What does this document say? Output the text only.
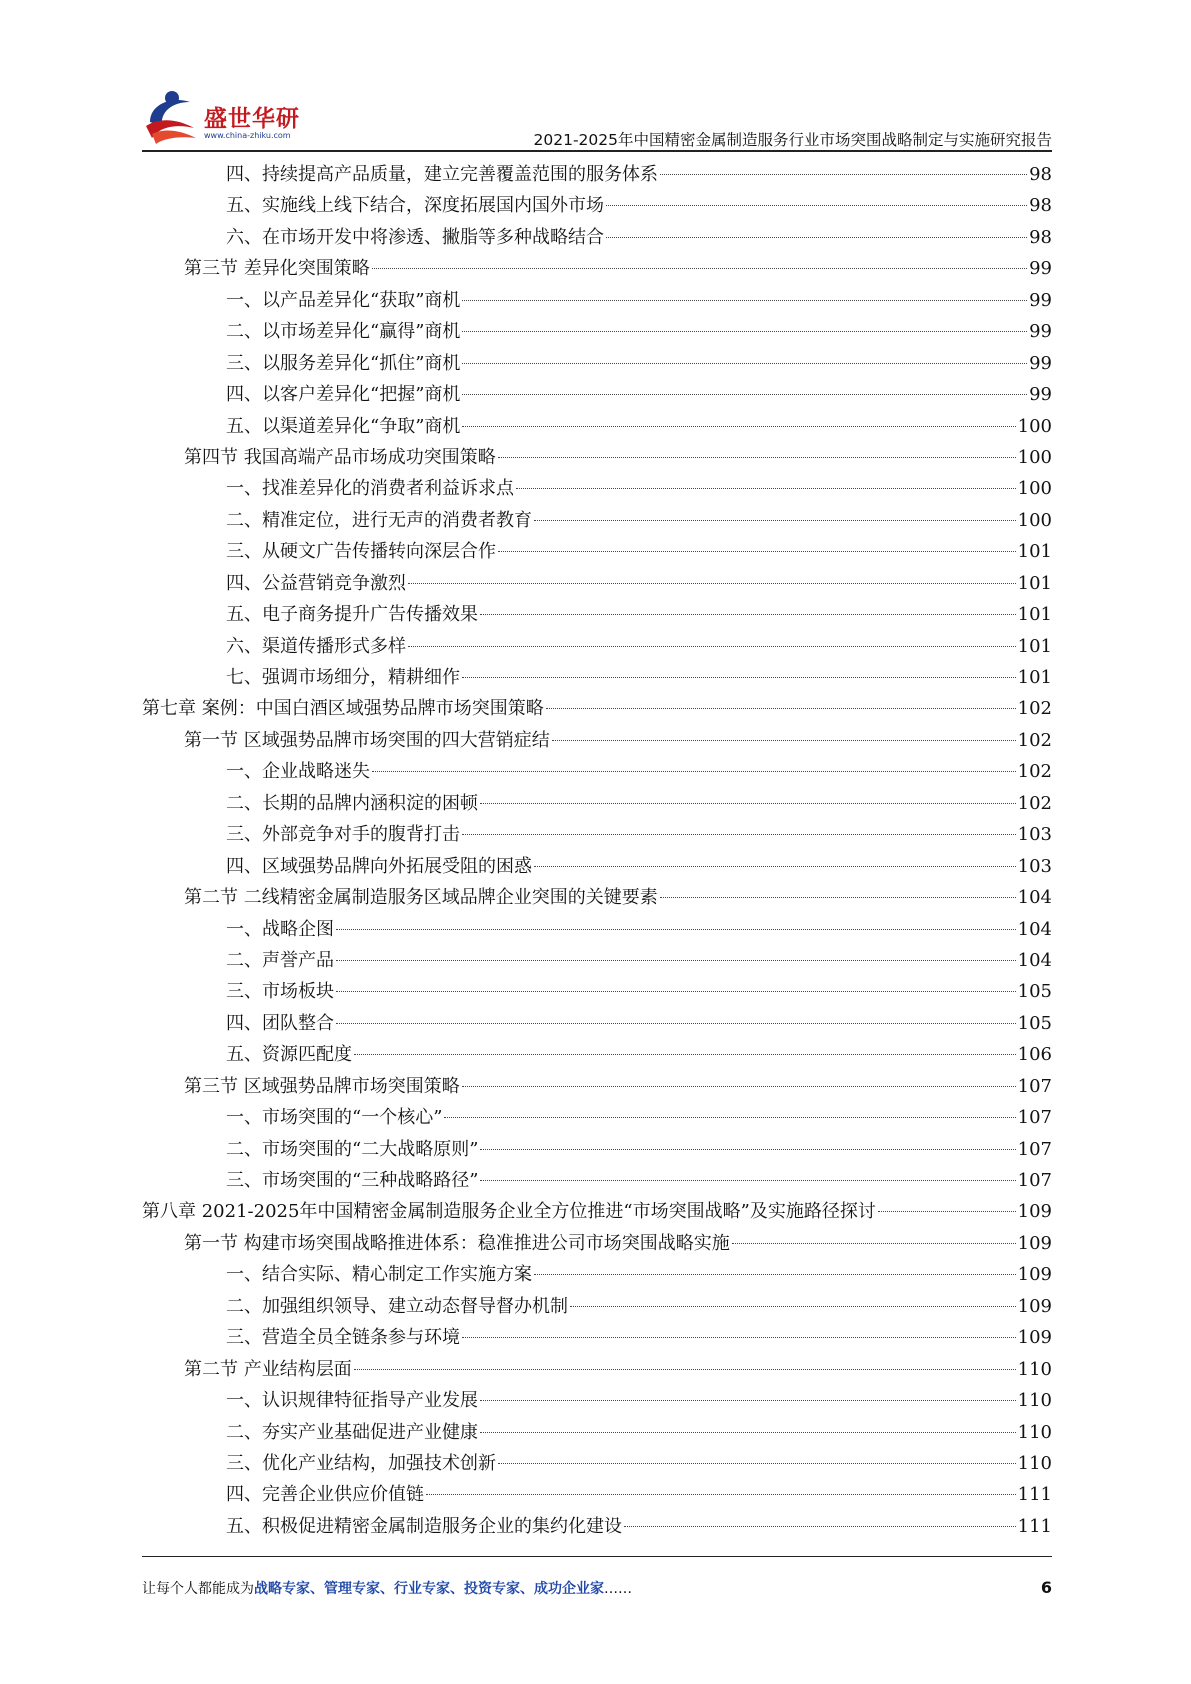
盛世华研
www.china-zhiku.com	2021-2025年中国精密金属制造服务行业市场突围战略制定与实施研究报告
四、持续提高产品质量，建立完善覆盖范围的服务体系	98
五、实施线上线下结合，深度拓展国内国外市场	98
六、在市场开发中将渗透、撇脂等多种战略结合	98
第三节 差异化突围策略	99
一、以产品差异化“获取”商机	99
二、以市场差异化“赢得”商机	99
三、以服务差异化“抓住”商机	99
四、以客户差异化“把握”商机	99
五、以渠道差异化“争取”商机	100
第四节 我国高端产品市场成功突围策略	100
一、找准差异化的消费者利益诉求点	100
二、精准定位，进行无声的消费者教育	100
三、从硬文广告传播转向深层合作	101
四、公益营销竞争激烈	101
五、电子商务提升广告传播效果	101
六、渠道传播形式多样	101
七、强调市场细分，精耕细作	101
第七章 案例：中国白酒区域强势品牌市场突围策略	102
第一节 区域强势品牌市场突围的四大营销症结	102
一、企业战略迷失	102
二、长期的品牌内涵积淀的困顿	102
三、外部竞争对手的腹背打击	103
四、区域强势品牌向外拓展受阻的困惑	103
第二节 二线精密金属制造服务区域品牌企业突围的关键要素	104
一、战略企图	104
二、声誉产品	104
三、市场板块	105
四、团队整合	105
五、资源匹配度	106
第三节 区域强势品牌市场突围策略	107
一、市场突围的“一个核心”	107
二、市场突围的“二大战略原则”	107
三、市场突围的“三种战略路径”	107
第八章 2021-2025年中国精密金属制造服务企业全方位推进“市场突围战略”及实施路径探讨	109
第一节 构建市场突围战略推进体系：稳准推进公司市场突围战略实施	109
一、结合实际、精心制定工作实施方案	109
二、加强组织领导、建立动态督导督办机制	109
三、营造全员全链条参与环境	109
第二节 产业结构层面	110
一、认识规律特征指导产业发展	110
二、夯实产业基础促进产业健康	110
三、优化产业结构，加强技术创新	110
四、完善企业供应价值链	111
五、积极促进精密金属制造服务企业的集约化建设	111
让每个人都能成为战略专家、管理专家、行业专家、投资专家、成功企业家……	6
